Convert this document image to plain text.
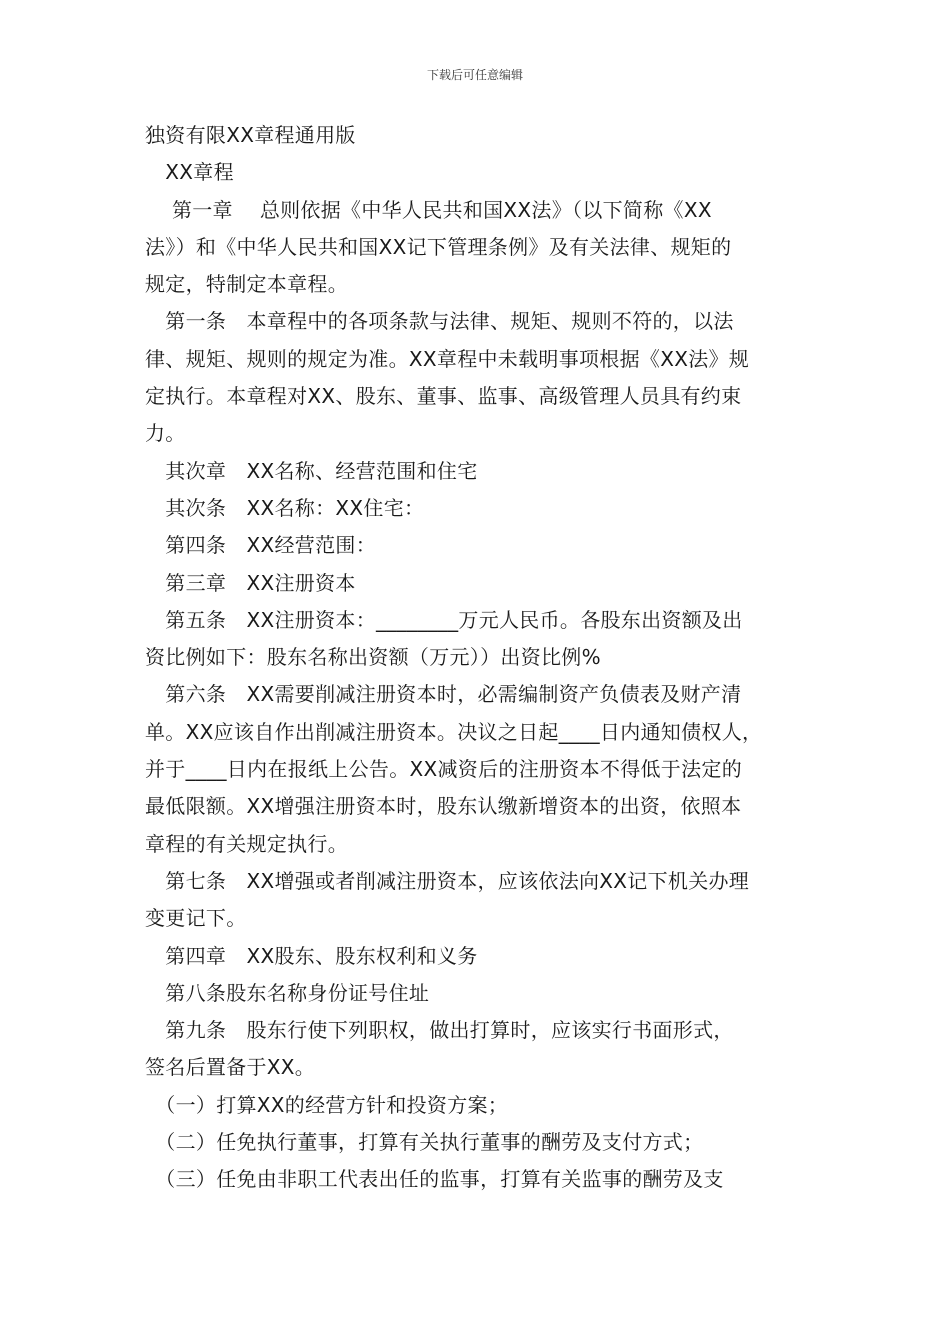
下载后可任意编辑
独资有限XX章程通用版
　XX章程
　 第一章　 总则依据《中华人民共和国XX法》（以下简称《XX
法》）和《中华人民共和国XX记下管理条例》及有关法律、规矩的
规定，特制定本章程。
　第一条　本章程中的各项条款与法律、规矩、规则不符的，以法
律、规矩、规则的规定为准。XX章程中未载明事项根据《XX法》规
定执行。本章程对XX、股东、董事、监事、高级管理人员具有约束
力。
　其次章　XX名称、经营范围和住宅
　其次条　XX名称：XX住宅：
　第四条　XX经营范围：
　第三章　XX注册资本
　第五条　XX注册资本：________万元人民币。各股东出资额及出
资比例如下：股东名称出资额（万元））出资比例%
　第六条　XX需要削减注册资本时，必需编制资产负债表及财产清
单。XX应该自作出削减注册资本。决议之日起____日内通知债权人，
并于____日内在报纸上公告。XX减资后的注册资本不得低于法定的
最低限额。XX增强注册资本时，股东认缴新增资本的出资，依照本
章程的有关规定执行。
　第七条　XX增强或者削减注册资本，应该依法向XX记下机关办理
变更记下。
　第四章　XX股东、股东权利和义务
　第八条股东名称身份证号住址
　第九条　股东行使下列职权，做出打算时，应该实行书面形式，
签名后置备于XX。
　（一）打算XX的经营方针和投资方案；
　（二）任免执行董事，打算有关执行董事的酬劳及支付方式；
　（三）任免由非职工代表出任的监事，打算有关监事的酬劳及支
